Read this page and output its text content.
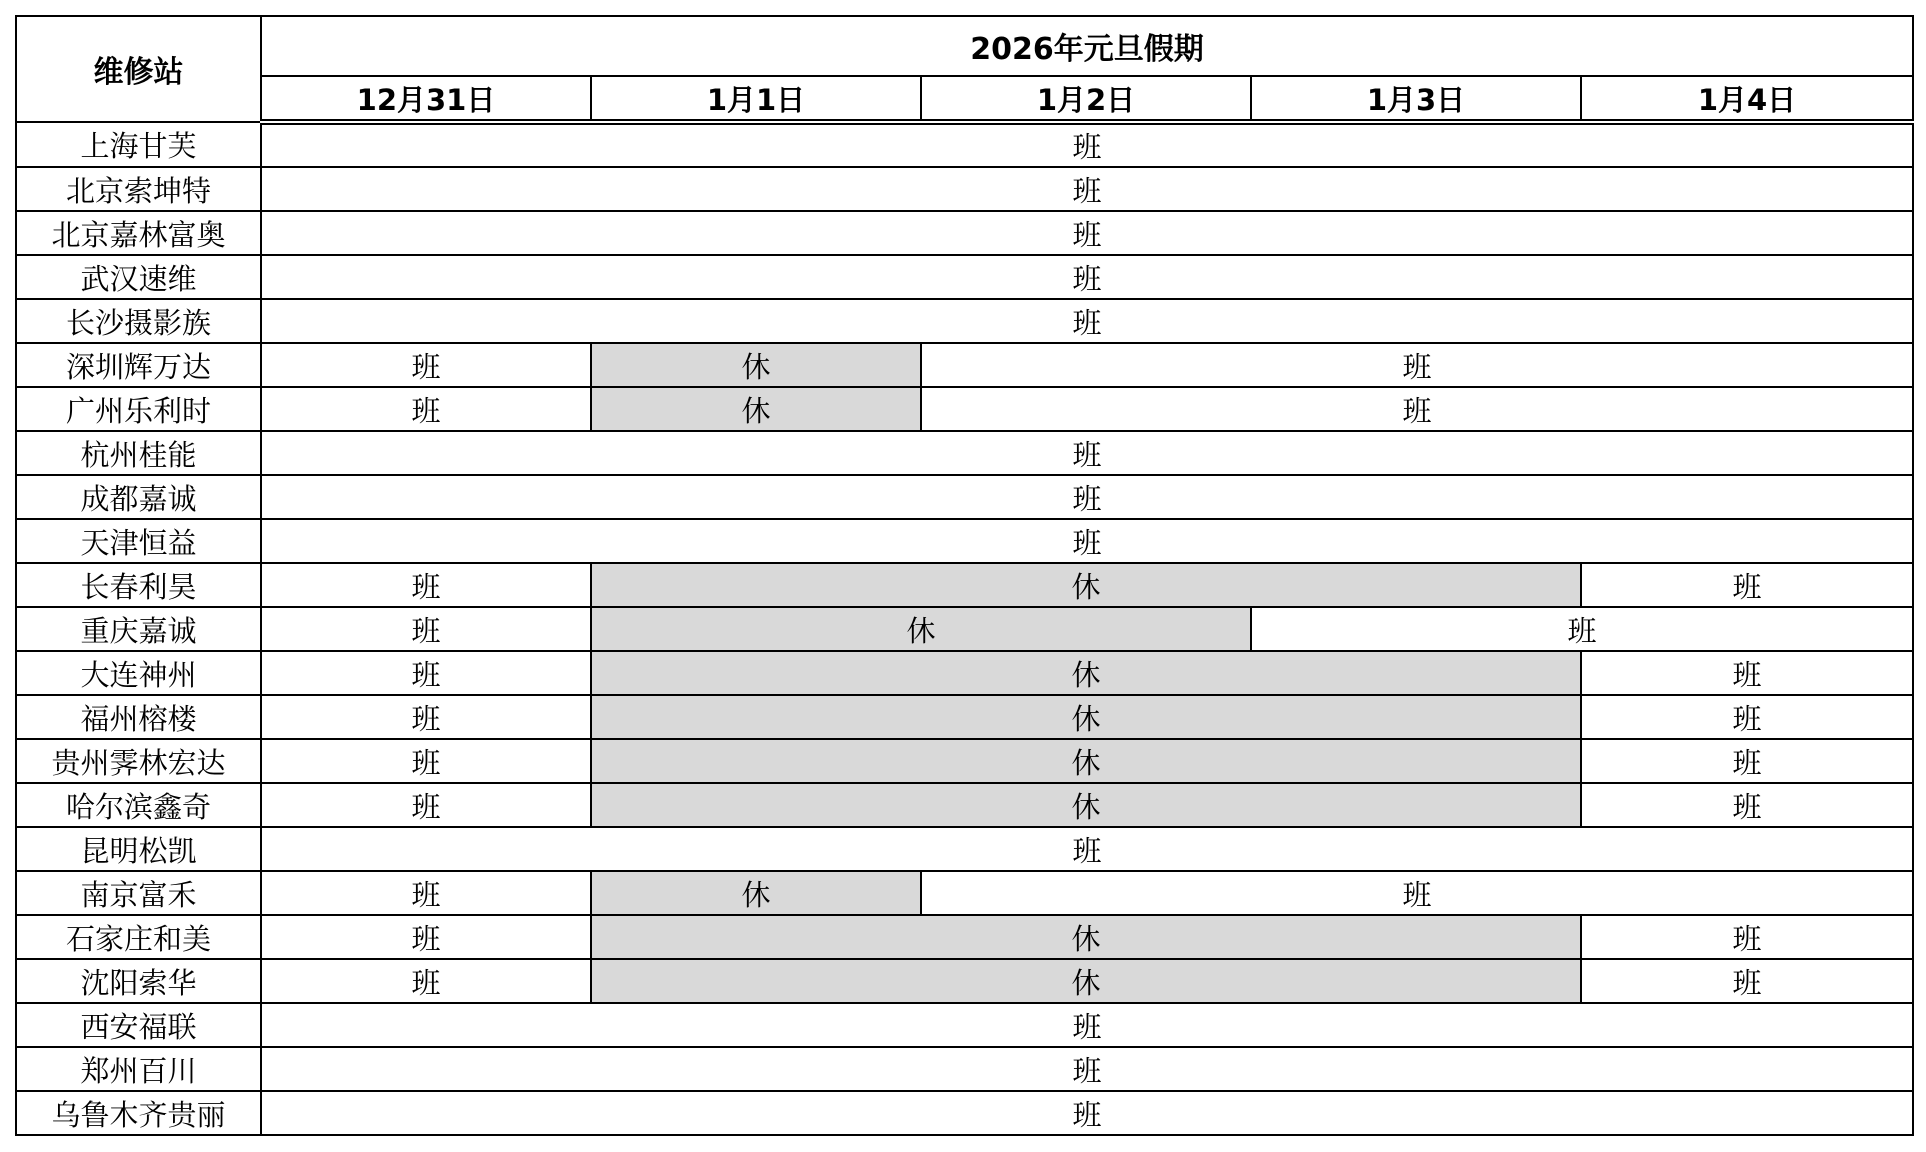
维修站	2026年元旦假期				
	12月31日	1月1日	1月2日	1月3日	1月4日
上海甘芙	班				
北京索坤特	班				
北京嘉林富奥	班				
武汉速维	班				
长沙摄影族	班				
深圳辉万达	班	休	班		
广州乐利时	班	休	班		
杭州桂能	班				
成都嘉诚	班				
天津恒益	班				
长春利昊	班	休			班
重庆嘉诚	班	休		班	
大连神州	班	休			班
福州榕楼	班	休			班
贵州霁林宏达	班	休			班
哈尔滨鑫奇	班	休			班
昆明松凯	班				
南京富禾	班	休	班		
石家庄和美	班	休			班
沈阳索华	班	休			班
西安福联	班				
郑州百川	班				
乌鲁木齐贵丽	班				
